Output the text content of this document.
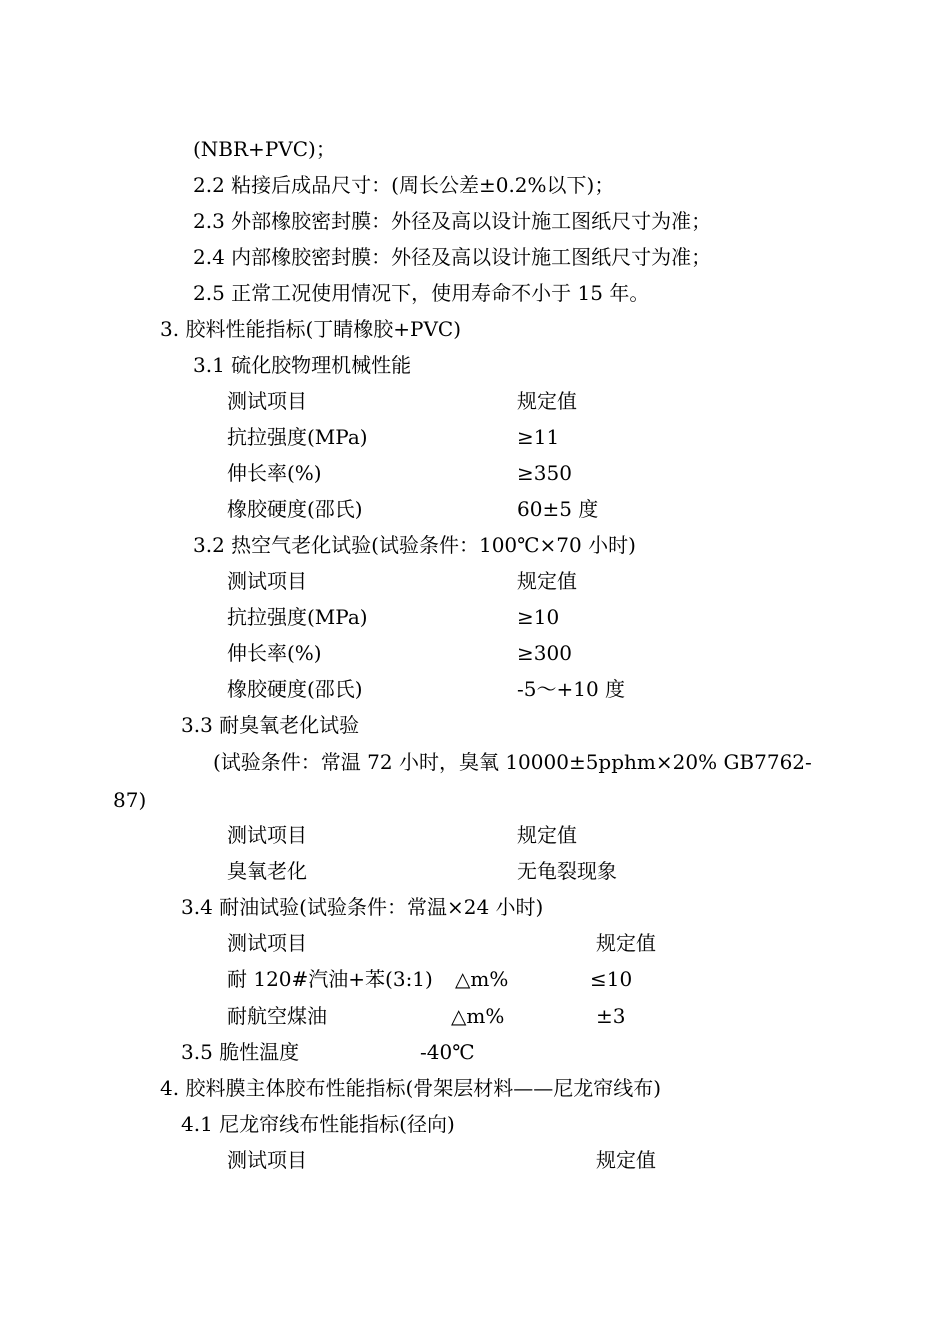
(NBR+PVC)；
2.2 粘接后成品尺寸：(周长公差±0.2%以下)；
2.3 外部橡胶密封膜：外径及高以设计施工图纸尺寸为准；
2.4 内部橡胶密封膜：外径及高以设计施工图纸尺寸为准；
2.5 正常工况使用情况下，使用寿命不小于 15 年。
3. 胶料性能指标(丁睛橡胶+PVC)
3.1 硫化胶物理机械性能
测试项目	规定值
抗拉强度(MPa)	≥11
伸长率(%)	≥350
橡胶硬度(邵氏)	60±5 度
3.2 热空气老化试验(试验条件：100℃×70 小时)
测试项目	规定值
抗拉强度(MPa)	≥10
伸长率(%)	≥300
橡胶硬度(邵氏)	-5～+10 度
3.3 耐臭氧老化试验
(试验条件：常温 72 小时，臭氧 10000±5pphm×20% GB7762-
87)
测试项目	规定值
臭氧老化	无龟裂现象
3.4 耐油试验(试验条件：常温×24 小时)
测试项目	规定值
耐 120#汽油+苯(3:1) △m%	≤10
耐航空煤油	△m%	±3
3.5 脆性温度	-40℃
4. 胶料膜主体胶布性能指标(骨架层材料——尼龙帘线布)
4.1 尼龙帘线布性能指标(径向)
测试项目	规定值
